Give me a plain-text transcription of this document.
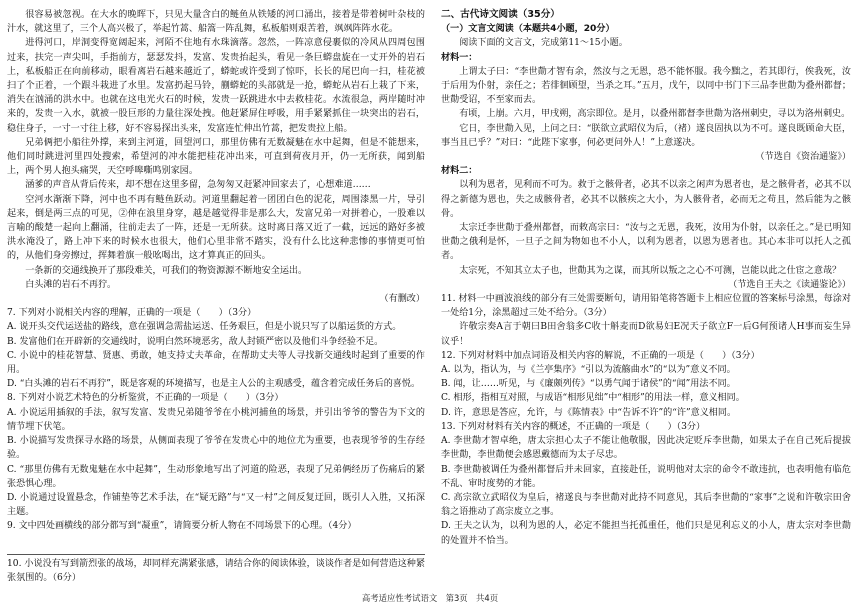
很容易被忽视。在大水的晚晖下，只见大量含白的鲢鱼从铁矮的河口涌出，接着是带着树叶杂枝的汁水，就这里了，三个人高兴极了，举起竹蒿、船篙一阵乱舞，私板船则艰苦着，飒飒阵阵水花。

进得河口，岸洞变得宽阔起来，河陌不住地有水珠滴落。忽然，一阵凉意侵裹似的冷风从四周包围过来，扶完一声尖叫，手指前方，瑟瑟发抖，发富、发贵抬起头，看见一条巨蟒盘旋在一丈开外的岩石上，私板船正在向前移动，眼看离岩石越来越近了，蟒蛇或许受到了惊吓，长长的尾巴向一扫，桂花被扫了个正着，一个跟斗栽进了水里。发富扔起马铃，蒯蟒蛇的头部就是一抢，蟒蛇从岩石上栽了下来，消失在汹涌的洪水中。也就在这电光火石的时候，发贵一跃跳进水中去救桂花。水流很急，两岸随时冲来的，发贵一入水，就被一股巨形的力量往深处拽。他赶紧屏住呼吸，用手紧紧抓住一块突出的岩石，稳住身子，一寸一寸往上移，好不容易探出头来，发富连忙伸出竹蒿，把发贵拉上船。

兄弟俩把小船往外撑，来到主河道，回望河口，那里仿佛有无数凝魅在水中起舞，但是不能想来，他们同时跳进河里四处搜索，希望河的冲水能把桂花冲出来，可直到荷夜月开，仍一无所获，闻到船上，两个男人抱头痛哭，天空呼嗥嘶鸣别家园。

涵爹的声音从背后传来，却不想在这里多留，急匆匆又赶紧冲回家去了，心想难道……

空河水渐渐下降，河中也不再有鲢鱼跃动。河道里翻起着一团团白色的泥花，周围漆黑一片，导引起来，倒是两三点的可见，②伸在浪里身穿，越是越觉得非是那么大，发富兄弟一对拼着心，一股难以言喻的酸楚一起向上翻涌，往前走去了一阵，还是一无所获。这时离日落又近了一截，远远的路好多被洪水淹没了，路上冲下来的时候水也很大，他们心里非常不踏实，没有什么比这种悲惨的事情更可怕的，从他们身旁擦过，挥舞着旗一般吆喝出，这才算真正的回头。

一条新的交通线换开了那段难关，可我们的物资源源不断地安全运出。

白头滩的岩石不再狞。

（有删改）

7. 下列对小说相关内容的理解，正确的一项是（　　）（3分）

A. 说开头交代运送盐的路线，意在强调急需盐运送、任务艰巨，但是小说只写了以船运货的方式。

B. 发富他们在开辟新的交通线时，说明白然环境恶劣，敌人封锁严密以及他们斗争经验不足。

C. 小说中的桂花智慧、贤惠、勇敢，她支持丈夫革命，在帮助丈夫等人寻找新交通线时起到了重要的作用。

D. “白头滩的岩石不再狞”，既是客观的环境描写，也是主人公的主观感受，蕴含着完成任务后的喜悦。

8. 下列对小说艺术特色的分析鉴赏，不正确的一项是（　　）（3分）

A. 小说运用插叙的手法，叙写发富、发贵兄弟随爷爷在小桃河捕鱼的场景，并引出爷爷的警告为下文的情节埋下伏笔。

B. 小说描写发贵探寻水路的场景，从侧面表现了爷爷在发贵心中的地位尤为重要，也表现爷爷的生存经验。

C. “那里仿佛有无数鬼魅在水中起舞”，生动形象地写出了河道的险恶，表现了兄弟俩经历了伤痛后的紧张恐惧心理。

D. 小说通过设置悬念，作铺垫等艺术手法，在“疑无路”与“又一村”之间反复迂回，既引人入胜，又拓深主题。

9. 文中四处画横线的部分都写到“凝重”，请简要分析人物在不同场景下的心理。（4分）

10. 小说没有写到箭烈张的战场，却同样充满紧张感，请结合你的阅读体验，谈谈作者是如何营造这种紧张氛围的。（6分）

二、古代诗文阅读（35分）

（一）文言文阅读（本题共4小题，20分）

阅读下面的文言文，完成第11～15小题。

材料一：

上谓太子曰：“李世勣才智有余，然汝与之无恩，恐不能怀服。我今黜之，若其即行，俟我死，汝于后用为仆射，亲任之；若徘徊顾望，当杀之耳。”五月，戊午，以同中书门下三品李世勣为叠州都督；世勣受诏，不至家而去。

有顷，上崩。六月，甲戌朔，高宗即位。是月，以叠州都督李世勣为洛州刺史，寻以为洛州刺史。

它日，李世勣入见，上问之曰：“朕欲立武昭仪为后，（褚）遂良固执以为不可。遂良既顾命大臣，事当且已乎？”对曰：“此陛下家事，何必更问外人！”上意遂决。

（节选自《资治通鉴》）

材料二：

以利为恩者，见利而不可为。救于之骸骨者，必其不以亲之闲声为恩者也，是之骸骨者，必其不以得之新德为恩也，失之成骸骨者，必其不以骸疾之大小，为人骸骨者，必而无之苟且，然后能为之骸骨。

太宗迁李世勣于叠州都督，而敕高宗曰：“汝与之无恩，我死，汝用为仆射，以亲任之。”是已明知世勣之俄利是怀，一旦子之间为物如也不小人，以利为恩者，以恩为恩者也。其心本非可以托人之孤者。

太宗死，不知其立太子也，世勣其为之谋，而其所以叛之之心不可测，岂能以此之仕宦之意哉？

（节选自王夫之《读通鉴论》）

11. 材料一中画波浪线的部分有三处需要断句，请用铅笔将答题卡上相应位置的答案标号涂黑，每涂对一处给1分，涂黑超过三处不给分。（3分）

许敬宗奏A言于朝曰B田舍翁多C收十斛麦而D欲易妇E况天子欲立F一后G何预诸人H事而妄生异议乎！

12. 下列对材料中加点词语及相关内容的解说，不正确的一项是（　　）（3分）

A. 以为，指认为，与《兰亭集序》“引以为流觞曲水”的“以为”意义不同。

B. 闻，让……听见，与《廉颇列传》“以勇气闻于诸侯”的“闻”用法不同。

C. 相形，指相互对照，与成语“相形见绌”中“相形”的用法一样，意义相同。

D. 许，意思是答应，允许，与《陈情表》中“告诉不许”的“许”意义相同。

13. 下列对材料有关内容的概述，不正确的一项是（　　）（3分）

A. 李世勣才智卓绝，唐太宗担心太子不能让他敬服，因此决定贬斥李世勣，如果太子在自己死后提拔李世勣，李世勣便会感恩戴德而为太子尽忠。

B. 李世勣被调任为叠州都督后并未回家，直接赴任，说明他对太宗的命令不敢违抗，也表明他有临危不乱、审时度势的才能。

C. 高宗欲立武昭仪为皇后，褚遂良与李世勣对此持不同意见，其后李世勣的“家事”之说和许敬宗田舍翁之语推动了高宗废立之事。

D. 王夫之认为，以利为恩的人，必定不能担当托孤重任，他们只是见利忘义的小人，唐太宗对李世勣的处置并不恰当。

高考适应性考试语文　第3页　共4页
